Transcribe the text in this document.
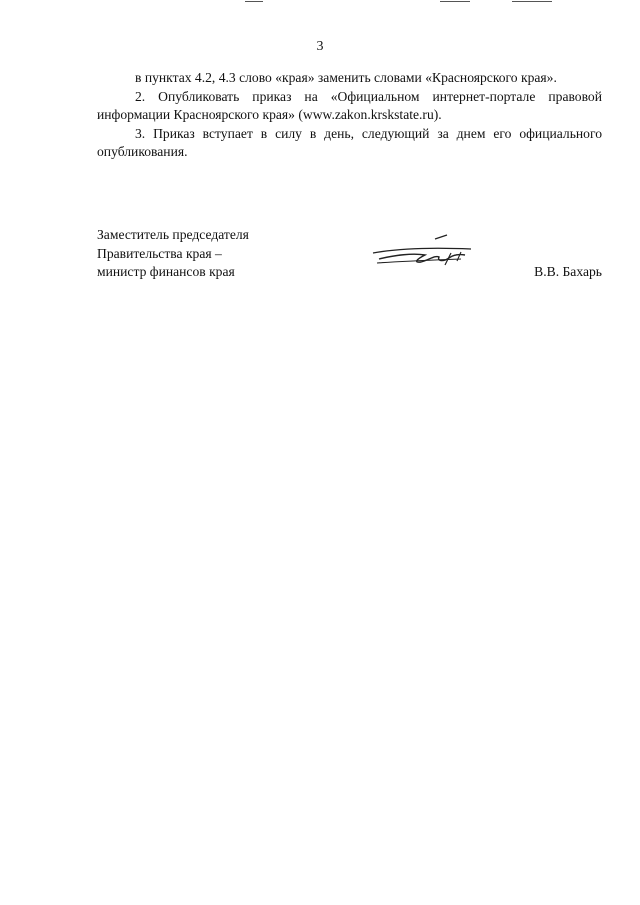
3

в пунктах 4.2, 4.3 слово «края» заменить словами «Красноярского края».

2. Опубликовать приказ на «Официальном интернет-портале правовой информации Красноярского края» (www.zakon.krskstate.ru).

3. Приказ вступает в силу в день, следующий за днем его официального опубликования.

Заместитель председателя
Правительства края –
министр финансов края	В.В. Бахарь
